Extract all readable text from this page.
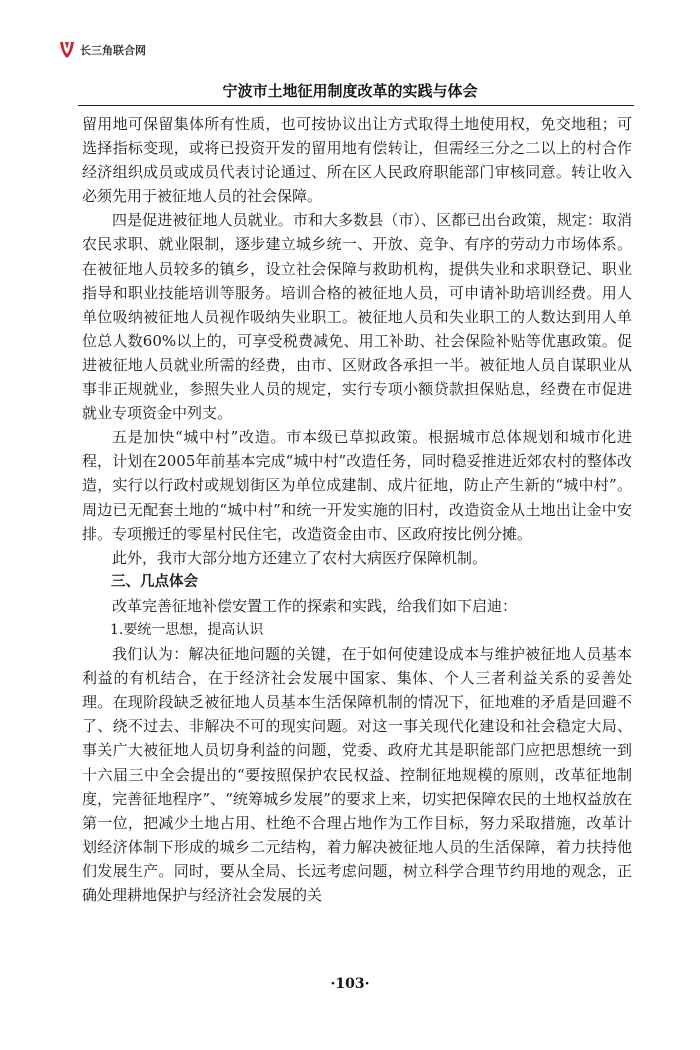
长三角联合网
宁波市土地征用制度改革的实践与体会

留用地可保留集体所有性质，也可按协议出让方式取得土地使用权，免交地租；可选择指标变现，或将已投资开发的留用地有偿转让，但需经三分之二以上的村合作经济组织成员或成员代表讨论通过、所在区人民政府职能部门审核同意。转让收入必须先用于被征地人员的社会保障。

四是促进被征地人员就业。市和大多数县（市）、区都已出台政策，规定：取消农民求职、就业限制，逐步建立城乡统一、开放、竞争、有序的劳动力市场体系。在被征地人员较多的镇乡，设立社会保障与救助机构，提供失业和求职登记、职业指导和职业技能培训等服务。培训合格的被征地人员，可申请补助培训经费。用人单位吸纳被征地人员视作吸纳失业职工。被征地人员和失业职工的人数达到用人单位总人数60%以上的，可享受税费减免、用工补助、社会保险补贴等优惠政策。促进被征地人员就业所需的经费，由市、区财政各承担一半。被征地人员自谋职业从事非正规就业，参照失业人员的规定，实行专项小额贷款担保贴息，经费在市促进就业专项资金中列支。

五是加快“城中村”改造。市本级已草拟政策。根据城市总体规划和城市化进程，计划在2005年前基本完成“城中村”改造任务，同时稳妥推进近郊农村的整体改造，实行以行政村或规划街区为单位成建制、成片征地，防止产生新的“城中村”。周边已无配套土地的“城中村”和统一开发实施的旧村，改造资金从土地出让金中安排。专项搬迁的零星村民住宅，改造资金由市、区政府按比例分摊。

此外，我市大部分地方还建立了农村大病医疗保障机制。

三、几点体会

改革完善征地补偿安置工作的探索和实践，给我们如下启迪：

1.要统一思想，提高认识

我们认为：解决征地问题的关键，在于如何使建设成本与维护被征地人员基本利益的有机结合，在于经济社会发展中国家、集体、个人三者利益关系的妥善处理。在现阶段缺乏被征地人员基本生活保障机制的情况下，征地难的矛盾是回避不了、绕不过去、非解决不可的现实问题。对这一事关现代化建设和社会稳定大局、事关广大被征地人员切身利益的问题，党委、政府尤其是职能部门应把思想统一到十六届三中全会提出的“要按照保护农民权益、控制征地规模的原则，改革征地制度，完善征地程序”、“统筹城乡发展”的要求上来，切实把保障农民的土地权益放在第一位，把减少土地占用、杜绝不合理占地作为工作目标，努力采取措施，改革计划经济体制下形成的城乡二元结构，着力解决被征地人员的生活保障，着力扶持他们发展生产。同时，要从全局、长远考虑问题，树立科学合理节约用地的观念，正确处理耕地保护与经济社会发展的关

·103·
